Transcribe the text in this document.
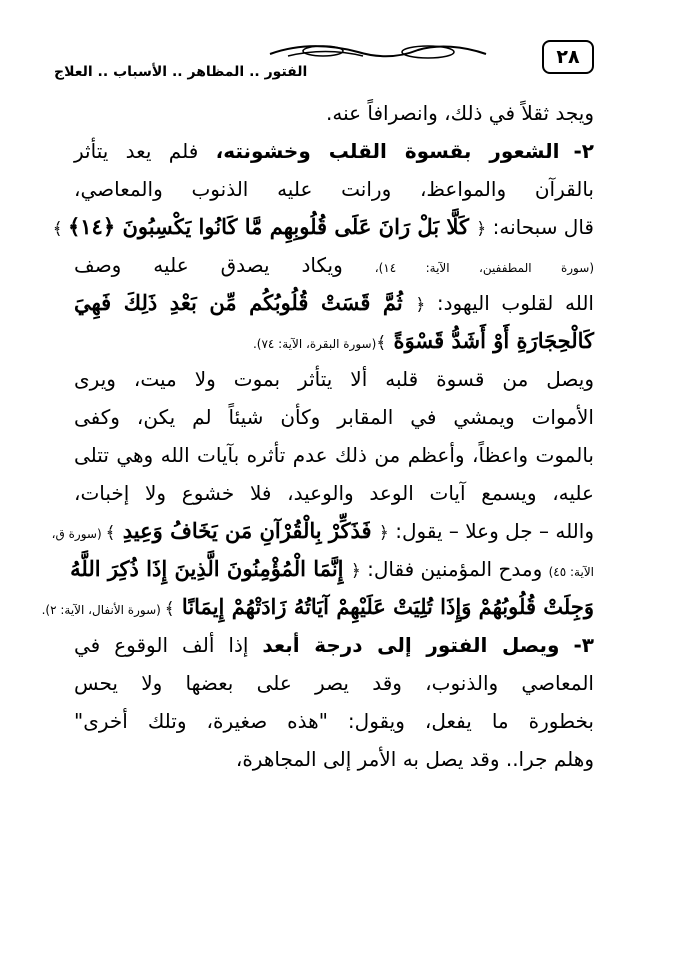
٢٨
الفتور .. المظاهر .. الأسباب .. العلاج
ويجد ثقلاً في ذلك، وانصرافاً عنه.
٢-الشعور بقسوة القلب وخشونته، فلم يعد يتأثر
بالقرآن والمواعظ، ورانت عليه الذنوب والمعاصي،
قال سبحانه: ﴿ كَلَّا بَلْ رَانَ عَلَى قُلُوبِهِم مَّا كَانُوا يَكْسِبُونَ ﴿١٤﴾ ﴾
(سورة المطففين، الآية: ١٤)، ويكاد يصدق عليه وصف
الله لقلوب اليهود: ﴿ ثُمَّ قَسَتْ قُلُوبُكُم مِّن بَعْدِ ذَلِكَ فَهِيَ
كَالْحِجَارَةِ أَوْ أَشَدُّ قَسْوَةً ﴾(سورة البقرة، الآية: ٧٤).
ويصل من قسوة قلبه ألا يتأثر بموت ولا ميت، ويرى
الأموات ويمشي في المقابر وكأن شيئاً لم يكن، وكفى
بالموت واعظاً، وأعظم من ذلك عدم تأثره بآيات الله وهي تتلى
عليه، ويسمع آيات الوعد والوعيد، فلا خشوع ولا إخبات،
والله – جل وعلا – يقول: ﴿ فَذَكِّرْ بِالْقُرْآنِ مَن يَخَافُ وَعِيدِ ﴾ (سورة ق،
الآية: ٤٥) ومدح المؤمنين فقال: ﴿ إِنَّمَا الْمُؤْمِنُونَ الَّذِينَ إِذَا ذُكِرَ اللَّهُ
وَجِلَتْ قُلُوبُهُمْ وَإِذَا تُلِيَتْ عَلَيْهِمْ آيَاتُهُ زَادَتْهُمْ إِيمَانًا ﴾ (سورة الأنفال، الآية: ٢).
٣-ويصل الفتور إلى درجة أبعد إذا ألف الوقوع في
المعاصي والذنوب، وقد يصر على بعضها ولا يحس
بخطورة ما يفعل، ويقول: "هذه صغيرة، وتلك أخرى"
وهلم جرا.. وقد يصل به الأمر إلى المجاهرة،
